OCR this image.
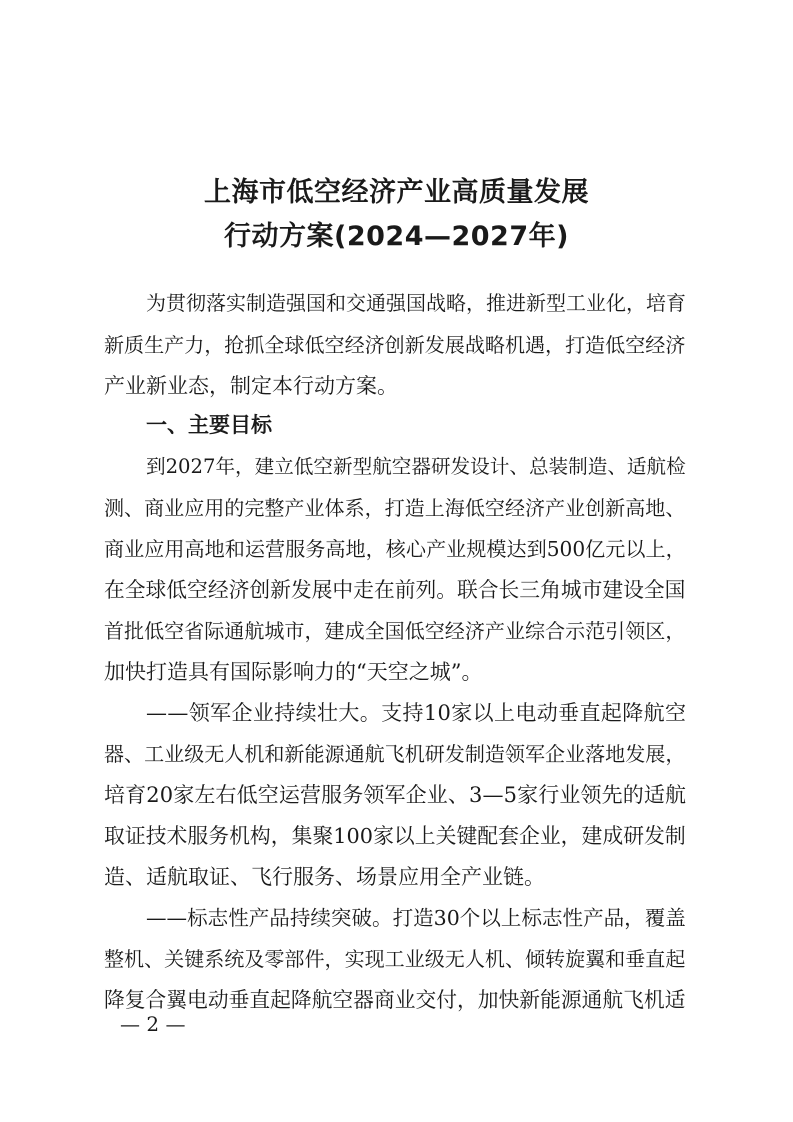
上海市低空经济产业高质量发展
行动方案(2024—2027年)
为贯彻落实制造强国和交通强国战略，推进新型工业化，培育
新质生产力，抢抓全球低空经济创新发展战略机遇，打造低空经济
产业新业态，制定本行动方案。
一、主要目标
到2027年，建立低空新型航空器研发设计、总装制造、适航检
测、商业应用的完整产业体系，打造上海低空经济产业创新高地、
商业应用高地和运营服务高地，核心产业规模达到500亿元以上，
在全球低空经济创新发展中走在前列。联合长三角城市建设全国
首批低空省际通航城市，建成全国低空经济产业综合示范引领区，
加快打造具有国际影响力的“天空之城”。
——领军企业持续壮大。支持10家以上电动垂直起降航空
器、工业级无人机和新能源通航飞机研发制造领军企业落地发展，
培育20家左右低空运营服务领军企业、3—5家行业领先的适航
取证技术服务机构，集聚100家以上关键配套企业，建成研发制
造、适航取证、飞行服务、场景应用全产业链。
——标志性产品持续突破。打造30个以上标志性产品，覆盖
整机、关键系统及零部件，实现工业级无人机、倾转旋翼和垂直起
降复合翼电动垂直起降航空器商业交付，加快新能源通航飞机适
— 2 —
